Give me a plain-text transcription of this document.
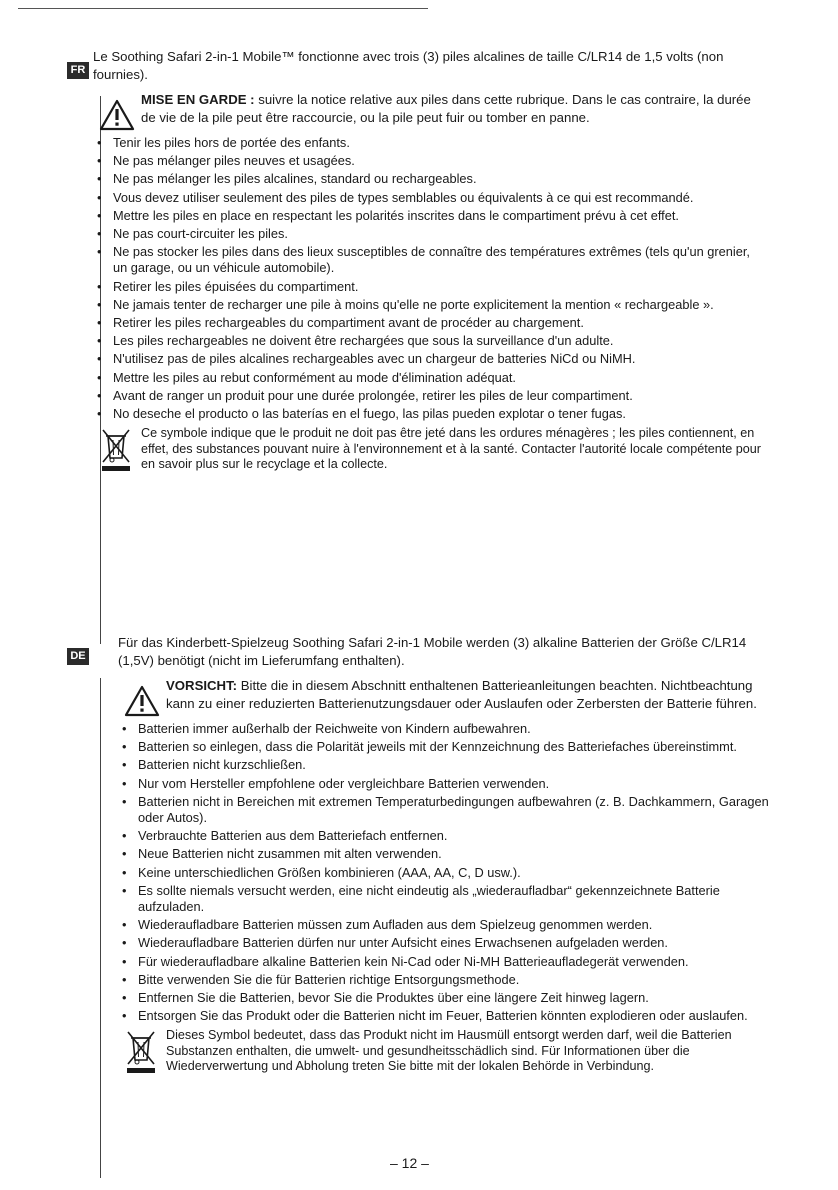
FR

Le Soothing Safari 2-in-1 Mobile™ fonctionne avec trois (3) piles alcalines de taille C/LR14 de 1,5 volts (non fournies).

MISE EN GARDE : suivre la notice relative aux piles dans cette rubrique. Dans le cas contraire, la durée de vie de la pile peut être raccourcie, ou la pile peut fuir ou tomber en panne.
• Tenir les piles hors de portée des enfants.
• Ne pas mélanger piles neuves et usagées.
• Ne pas mélanger les piles alcalines, standard ou rechargeables.
• Vous devez utiliser seulement des piles de types semblables ou équivalents à ce qui est recommandé.
• Mettre les piles en place en respectant les polarités inscrites dans le compartiment prévu à cet effet.
• Ne pas court-circuiter les piles.
• Ne pas stocker les piles dans des lieux susceptibles de connaître des températures extrêmes (tels qu'un grenier, un garage, ou un véhicule automobile).
• Retirer les piles épuisées du compartiment.
• Ne jamais tenter de recharger une pile à moins qu'elle ne porte explicitement la mention « rechargeable ».
• Retirer les piles rechargeables du compartiment avant de procéder au chargement.
• Les piles rechargeables ne doivent être rechargées que sous la surveillance d'un adulte.
• N'utilisez pas de piles alcalines rechargeables avec un chargeur de batteries NiCd ou NiMH.
• Mettre les piles au rebut conformément au mode d'élimination adéquat.
• Avant de ranger un produit pour une durée prolongée, retirer les piles de leur compartiment.
• No deseche el producto o las baterías en el fuego, las pilas pueden explotar o tener fugas.
Ce symbole indique que le produit ne doit pas être jeté dans les ordures ménagères ; les piles contiennent, en effet, des substances pouvant nuire à l'environnement et à la santé. Contacter l'autorité locale compétente pour en savoir plus sur le recyclage et la collecte.
DE

Für das Kinderbett-Spielzeug Soothing Safari 2-in-1 Mobile werden (3) alkaline Batterien der Größe C/LR14 (1,5V) benötigt (nicht im Lieferumfang enthalten).

VORSICHT: Bitte die in diesem Abschnitt enthaltenen Batterieanleitungen beachten. Nichtbeachtung kann zu einer reduzierten Batterienutzungsdauer oder Auslaufen oder Zerbersten der Batterie führen.
• Batterien immer außerhalb der Reichweite von Kindern aufbewahren.
• Batterien so einlegen, dass die Polarität jeweils mit der Kennzeichnung des Batteriefaches übereinstimmt.
• Batterien nicht kurzschließen.
• Nur vom Hersteller empfohlene oder vergleichbare Batterien verwenden.
• Batterien nicht in Bereichen mit extremen Temperaturbedingungen aufbewahren (z. B. Dachkammern, Garagen oder Autos).
• Verbrauchte Batterien aus dem Batteriefach entfernen.
• Neue Batterien nicht zusammen mit alten verwenden.
• Keine unterschiedlichen Größen kombinieren (AAA, AA, C, D usw.).
• Es sollte niemals versucht werden, eine nicht eindeutig als „wiederaufladbar“ gekennzeichnete Batterie aufzuladen.
• Wiederaufladbare Batterien müssen zum Aufladen aus dem Spielzeug genommen werden.
• Wiederaufladbare Batterien dürfen nur unter Aufsicht eines Erwachsenen aufgeladen werden.
• Für wiederaufladbare alkaline Batterien kein Ni-Cad oder Ni-MH Batterieaufladegerät verwenden.
• Bitte verwenden Sie die für Batterien richtige Entsorgungsmethode.
• Entfernen Sie die Batterien, bevor Sie die Produktes über eine längere Zeit hinweg lagern.
• Entsorgen Sie das Produkt oder die Batterien nicht im Feuer, Batterien könnten explodieren oder auslaufen.
Dieses Symbol bedeutet, dass das Produkt nicht im Hausmüll entsorgt werden darf, weil die Batterien Substanzen enthalten, die umwelt- und gesundheitsschädlich sind. Für Informationen über die Wiederverwertung und Abholung treten Sie bitte mit der lokalen Behörde in Verbindung.
– 12 –
